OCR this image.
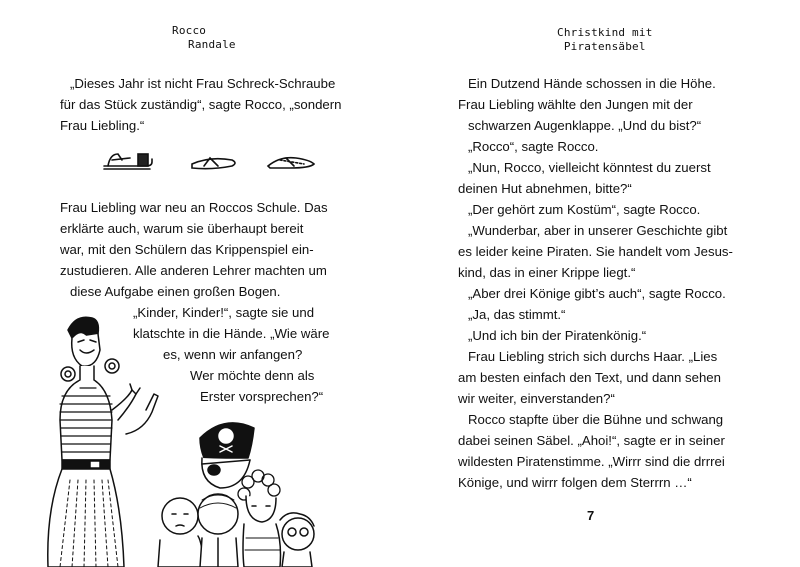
Rocco
Randale
„Dieses Jahr ist nicht Frau Schreck-Schraube
für das Stück zuständig“, sagte Rocco, „sondern
Frau Liebling.“
Frau Liebling war neu an Roccos Schule. Das
erklärte auch, warum sie überhaupt bereit
war, mit den Schülern das Krippenspiel ein-
zustudieren. Alle anderen Lehrer machten um
diese Aufgabe einen großen Bogen.
„Kinder, Kinder!“, sagte sie und
klatschte in die Hände. „Wie wäre
es, wenn wir anfangen?
Wer möchte denn als
Erster vorsprechen?“
Christkind mit
Piratensäbel
Ein Dutzend Hände schossen in die Höhe.
Frau Liebling wählte den Jungen mit der
schwarzen Augenklappe. „Und du bist?“
„Rocco“, sagte Rocco.
„Nun, Rocco, vielleicht könntest du zuerst
deinen Hut abnehmen, bitte?“
„Der gehört zum Kostüm“, sagte Rocco.
„Wunderbar, aber in unserer Geschichte gibt
es leider keine Piraten. Sie handelt vom Jesus-
kind, das in einer Krippe liegt.“
„Aber drei Könige gibt’s auch“, sagte Rocco.
„Ja, das stimmt.“
„Und ich bin der Piratenkönig.“
Frau Liebling strich sich durchs Haar. „Lies
am besten einfach den Text, und dann sehen
wir weiter, einverstanden?“
Rocco stapfte über die Bühne und schwang
dabei seinen Säbel. „Ahoi!“, sagte er in seiner
wildesten Piratenstimme. „Wirrr sind die drrrei
Könige, und wirrr folgen dem Sterrrn …“
7
